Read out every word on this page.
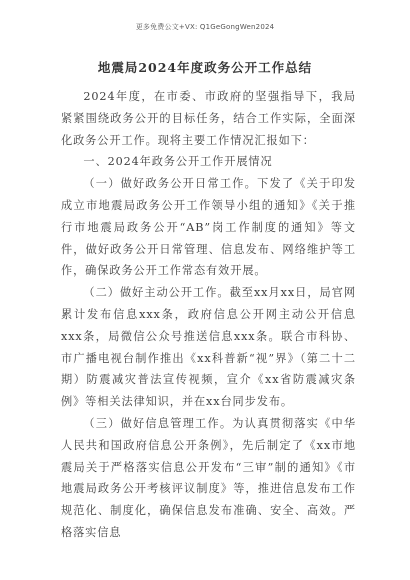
更多免费公文+VX: Q1GeGongWen2024
地震局2024年度政务公开工作总结

2024年度，在市委、市政府的坚强指导下，我局紧紧围绕政务公开的目标任务，结合工作实际，全面深化政务公开工作。现将主要工作情况汇报如下：

一、2024年政务公开工作开展情况

（一）做好政务公开日常工作。下发了《关于印发成立市地震局政务公开工作领导小组的通知》《关于推行市地震局政务公开“AB”岗工作制度的通知》等文件，做好政务公开日常管理、信息发布、网络维护等工作，确保政务公开工作常态有效开展。

（二）做好主动公开工作。截至xx月xx日，局官网累计发布信息xxx条，政府信息公开网主动公开信息xxx条，局微信公众号推送信息xxx条。联合市科协、市广播电视台制作推出《xx科普新“视”界》（第二十二期）防震减灾普法宣传视频，宣介《xx省防震减灾条例》等相关法律知识，并在xx台同步发布。

（三）做好信息管理工作。为认真贯彻落实《中华人民共和国政府信息公开条例》，先后制定了《xx市地震局关于严格落实信息公开发布“三审”制的通知》《市地震局政务公开考核评议制度》等，推进信息发布工作规范化、制度化，确保信息发布准确、安全、高效。严格落实信息
